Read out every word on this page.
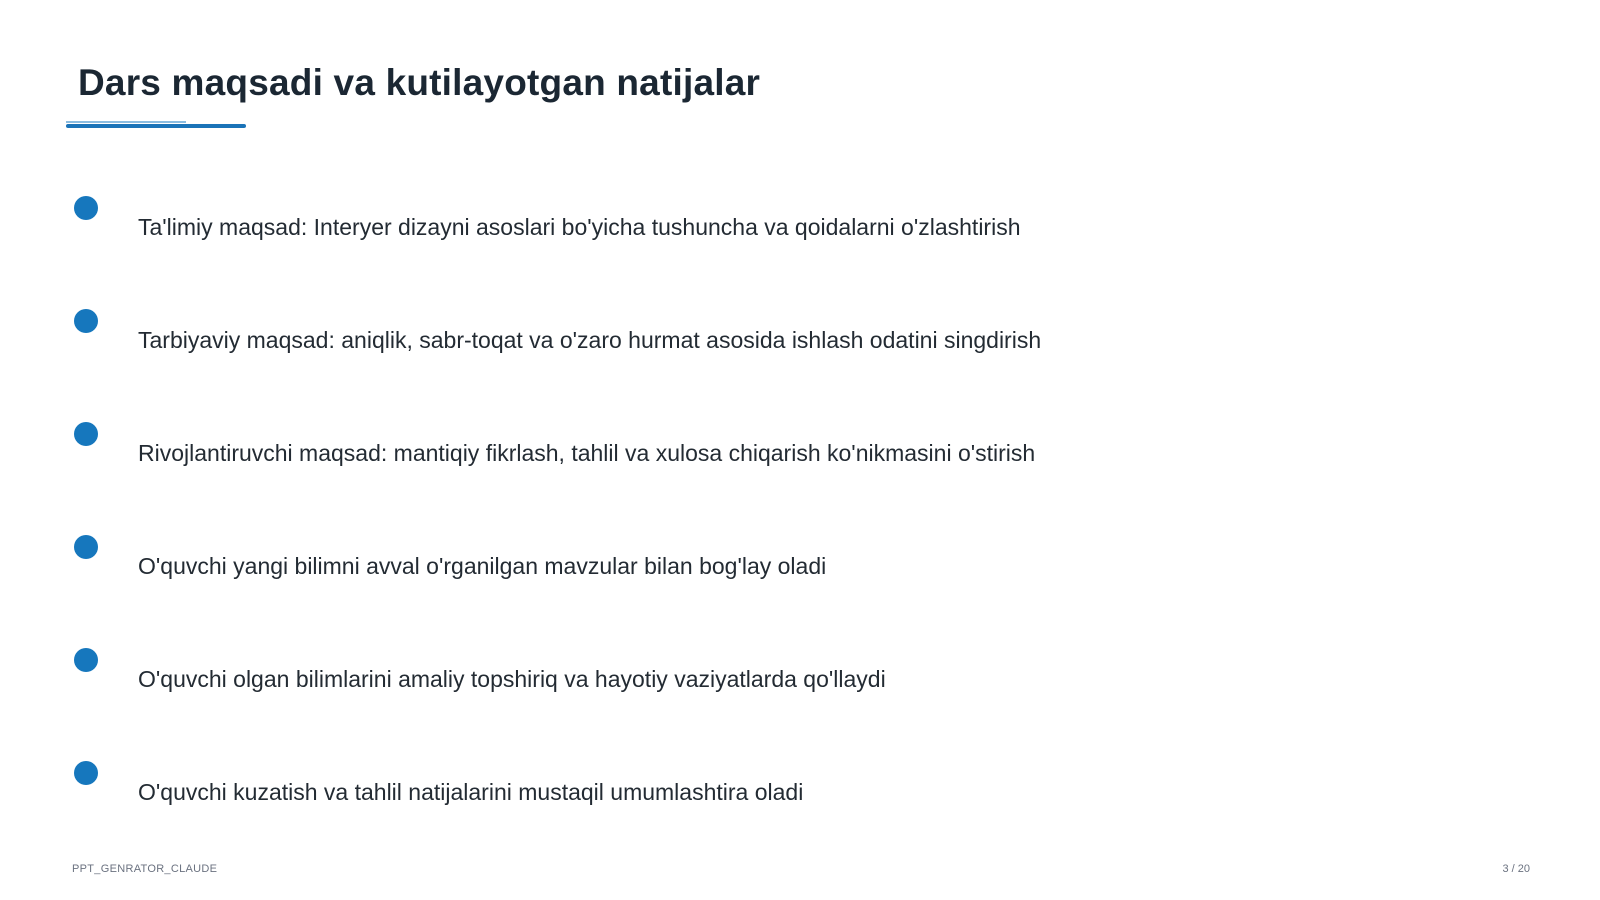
Dars maqsadi va kutilayotgan natijalar
Ta'limiy maqsad: Interyer dizayni asoslari bo'yicha tushuncha va qoidalarni o'zlashtirish
Tarbiyaviy maqsad: aniqlik, sabr-toqat va o'zaro hurmat asosida ishlash odatini singdirish
Rivojlantiruvchi maqsad: mantiqiy fikrlash, tahlil va xulosa chiqarish ko'nikmasini o'stirish
O'quvchi yangi bilimni avval o'rganilgan mavzular bilan bog'lay oladi
O'quvchi olgan bilimlarini amaliy topshiriq va hayotiy vaziyatlarda qo'llaydi
O'quvchi kuzatish va tahlil natijalarini mustaqil umumlashtira oladi
PPT_GENRATOR_CLAUDE	3 / 20
